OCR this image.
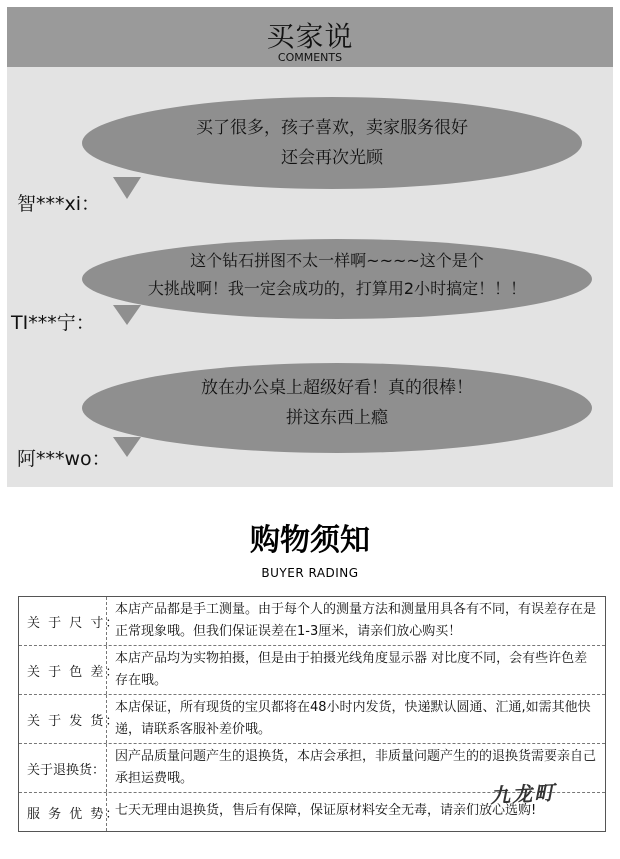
买家说
COMMENTS
买了很多，孩子喜欢，卖家服务很好
还会再次光顾
智***xi：
这个钻石拼图不太一样啊~~~~这个是个
大挑战啊！我一定会成功的，打算用2小时搞定！！！
TI***宁：
放在办公桌上超级好看！真的很棒！
拼这东西上瘾
阿***wo：
购物须知
BUYER RADING
关 于 尺 寸：
本店产品都是手工测量。由于每个人的测量方法和测量用具各有不同，有误差存在是正常现象哦。但我们保证误差在1-3厘米，请亲们放心购买！
关 于 色 差：
本店产品均为实物拍摄，但是由于拍摄光线角度显示器 对比度不同，会有些许色差存在哦。
关 于 发 货：
本店保证，所有现货的宝贝都将在48小时内发货，快递默认圆通、汇通,如需其他快递，请联系客服补差价哦。
关于退换货：
因产品质量问题产生的退换货，本店会承担，非质量问题产生的的退换货需要亲自己承担运费哦。
服 务 优 势：
七天无理由退换货，售后有保障，保证原材料安全无毒，请亲们放心选购!
九龙町
